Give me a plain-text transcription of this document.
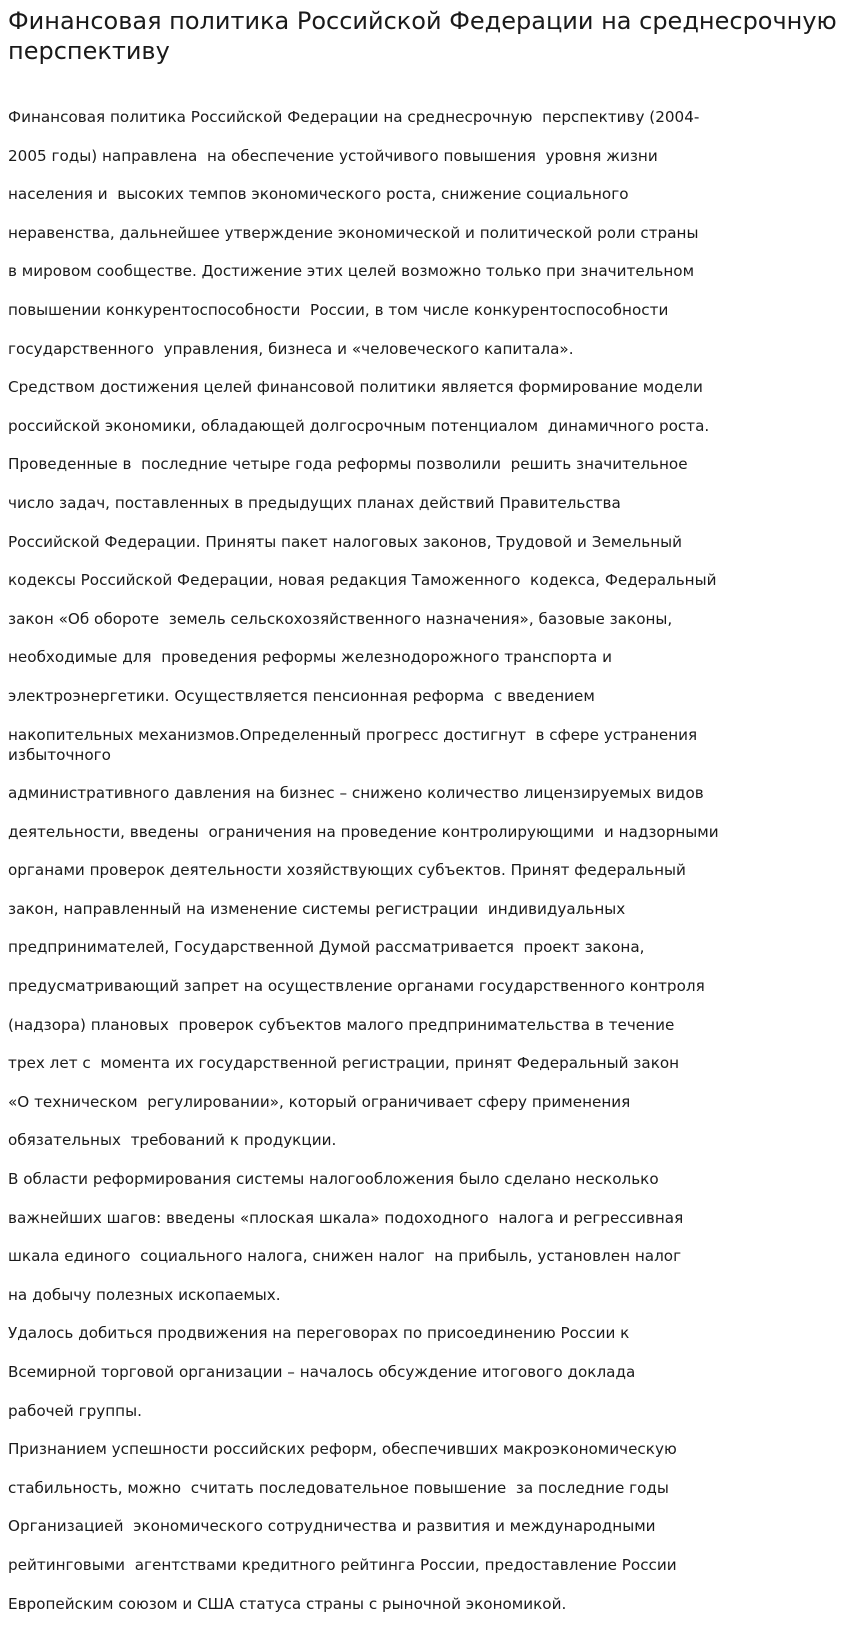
Финансовая политика Российской Федерации на среднесрочную перспективу
Финансовая политика Российской Федерации на среднесрочную  перспективу (2004-
2005 годы) направлена  на обеспечение устойчивого повышения  уровня жизни
населения и  высоких темпов экономического роста, снижение социального
неравенства, дальнейшее утверждение экономической и политической роли страны
в мировом сообществе. Достижение этих целей возможно только при значительном
повышении конкурентоспособности  России, в том числе конкурентоспособности
государственного  управления, бизнеса и «человеческого капитала».
Средством достижения целей финансовой политики является формирование модели
российской экономики, обладающей долгосрочным потенциалом  динамичного роста.
Проведенные в  последние четыре года реформы позволили  решить значительное
число задач, поставленных в предыдущих планах действий Правительства
Российской Федерации. Приняты пакет налоговых законов, Трудовой и Земельный
кодексы Российской Федерации, новая редакция Таможенного  кодекса, Федеральный
закон «Об обороте  земель сельскохозяйственного назначения», базовые законы,
необходимые для  проведения реформы железнодорожного транспорта и
электроэнергетики. Осуществляется пенсионная реформа  с введением
накопительных механизмов.Определенный прогресс достигнут  в сфере устранения избыточного
административного давления на бизнес – снижено количество лицензируемых видов
деятельности, введены  ограничения на проведение контролирующими  и надзорными
органами проверок деятельности хозяйствующих субъектов. Принят федеральный
закон, направленный на изменение системы регистрации  индивидуальных
предпринимателей, Государственной Думой рассматривается  проект закона,
предусматривающий запрет на осуществление органами государственного контроля
(надзора) плановых  проверок субъектов малого предпринимательства в течение
трех лет с  момента их государственной регистрации, принят Федеральный закон
«О техническом  регулировании», который ограничивает сферу применения
обязательных  требований к продукции.
В области реформирования системы налогообложения было сделано несколько
важнейших шагов: введены «плоская шкала» подоходного  налога и регрессивная
шкала единого  социального налога, снижен налог  на прибыль, установлен налог
на добычу полезных ископаемых.
Удалось добиться продвижения на переговорах по присоединению России к
Всемирной торговой организации – началось обсуждение итогового доклада
рабочей группы.
Признанием успешности российских реформ, обеспечивших макроэкономическую
стабильность, можно  считать последовательное повышение  за последние годы
Организацией  экономического сотрудничества и развития и международными
рейтинговыми  агентствами кредитного рейтинга России, предоставление России
Европейским союзом и США статуса страны с рыночной экономикой.
